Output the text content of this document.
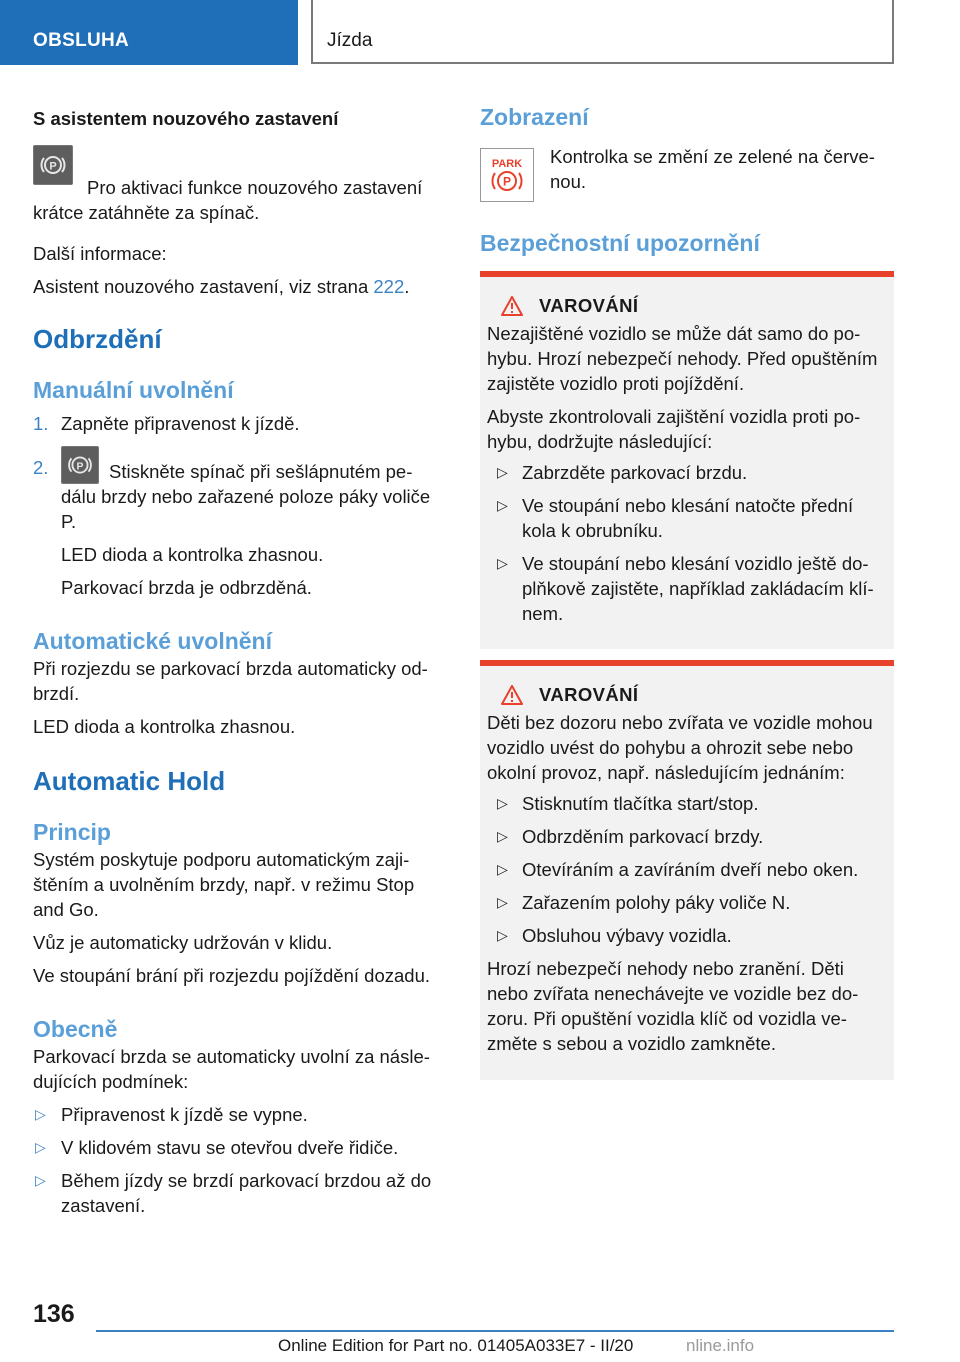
OBSLUHA	Jízda

S asistentem nouzového zastavení

P

Pro aktivaci funkce nouzového zastavení krátce zatáhněte za spínač.

Další informace:

Asistent nouzového zastavení, viz strana 222.

Odbrzdění

Manuální uvolnění

1. Zapněte připravenost k jízdě.
2.	P Stiskněte spínač při sešlápnutém pe-dálu brzdy nebo zařazené poloze páky voliče P.

LED dioda a kontrolka zhasnou.

Parkovací brzda je odbrzděná.

Automatické uvolnění

Při rozjezdu se parkovací brzda automaticky od-brzdí.

LED dioda a kontrolka zhasnou.

Automatic Hold

Princip

Systém poskytuje podporu automatickým zaji-štěním a uvolněním brzdy, např. v režimu Stop and Go.

Vůz je automaticky udržován v klidu.

Ve stoupání brání při rozjezdu pojíždění dozadu.

Obecně

Parkovací brzda se automaticky uvolní za násle-dujících podmínek:

▷ Připravenost k jízdě se vypne.
▷ V klidovém stavu se otevřou dveře řidiče.
▷ Během jízdy se brzdí parkovací brzdou až do zastavení.

Zobrazení

PARK
P

Kontrolka se změní ze zelené na červe-nou.

Bezpečnostní upozornění

VAROVÁNÍ

Nezajištěné vozidlo se může dát samo do po-hybu. Hrozí nebezpečí nehody. Před opuštěním zajistěte vozidlo proti pojíždění.

Abyste zkontrolovali zajištění vozidla proti po-hybu, dodržujte následující:

▷ Zabrzděte parkovací brzdu.
▷ Ve stoupání nebo klesání natočte přední kola k obrubníku.
▷ Ve stoupání nebo klesání vozidlo ještě do-plňkově zajistěte, například zakládacím klí-nem.
VAROVÁNÍ

Děti bez dozoru nebo zvířata ve vozidle mohou vozidlo uvést do pohybu a ohrozit sebe nebo okolní provoz, např. následujícím jednáním:

▷ Stisknutím tlačítka start/stop.
▷ Odbrzděním parkovací brzdy.
▷ Otevíráním a zavíráním dveří nebo oken.
▷ Zařazením polohy páky voliče N.
▷ Obsluhou výbavy vozidla.

Hrozí nebezpečí nehody nebo zranění. Děti nebo zvířata nenechávejte ve vozidle bez do-zoru. Při opuštění vozidla klíč od vozidla ve-změte s sebou a vozidlo zamkněte.

136
Online Edition for Part no. 01405A033E7 - II/20	nline.info
